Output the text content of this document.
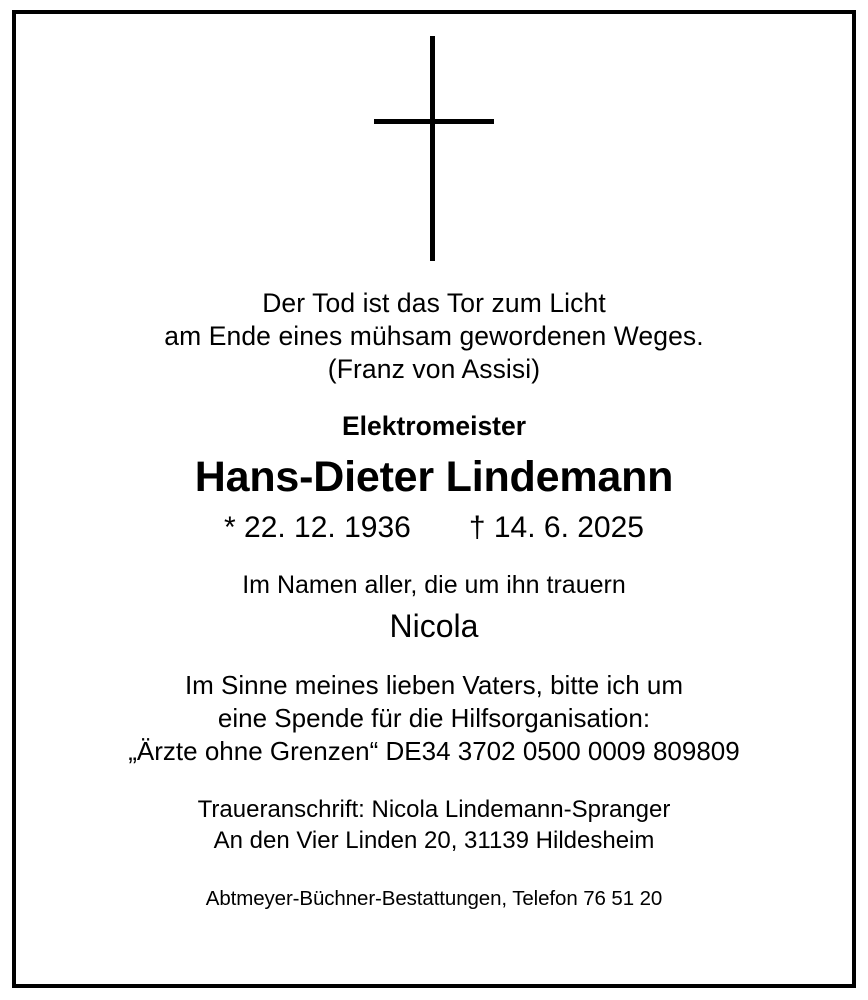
Der Tod ist das Tor zum Licht
am Ende eines mühsam gewordenen Weges.
(Franz von Assisi)
Elektromeister
Hans-Dieter Lindemann
* 22. 12. 1936 † 14. 6. 2025
Im Namen aller, die um ihn trauern
Nicola
Im Sinne meines lieben Vaters, bitte ich um
eine Spende für die Hilfsorganisation:
„Ärzte ohne Grenzen“ DE34 3702 0500 0009 809809
Traueranschrift: Nicola Lindemann-Spranger
An den Vier Linden 20, 31139 Hildesheim
Abtmeyer-Büchner-Bestattungen, Telefon 76 51 20
